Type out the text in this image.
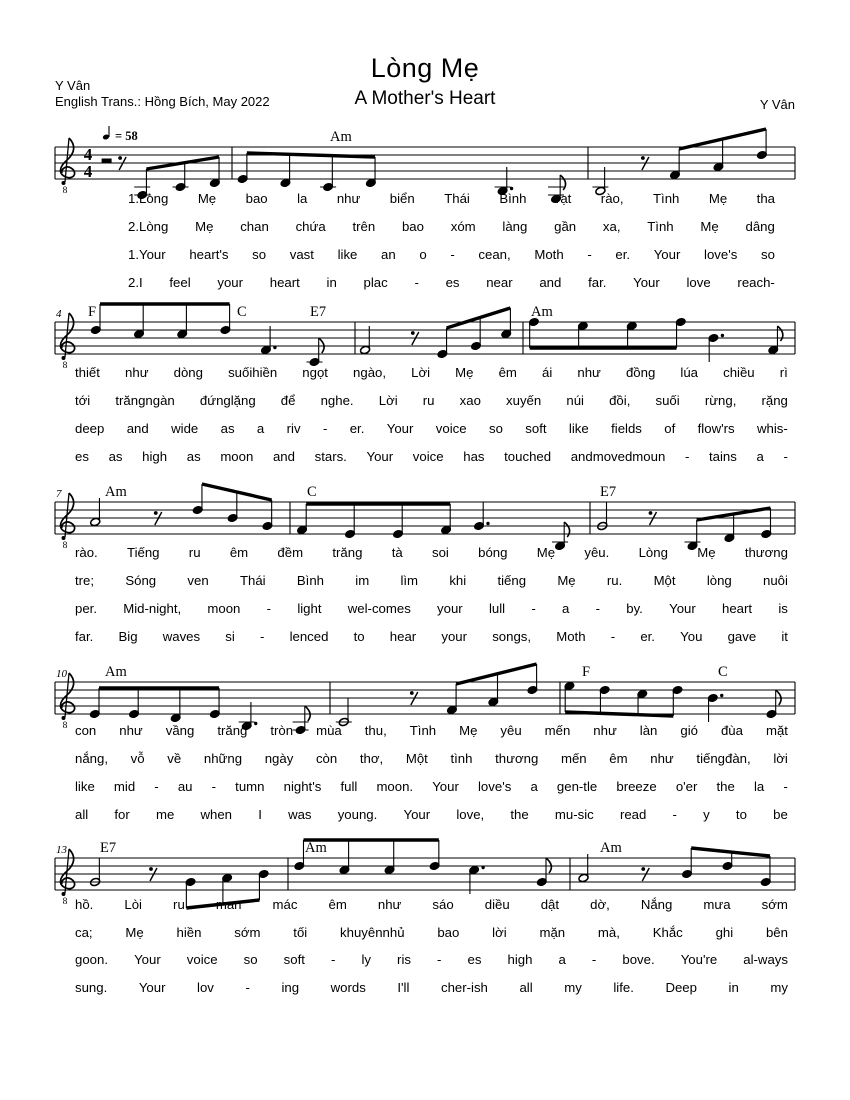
Lòng Mẹ
A Mother's Heart
Y Vân
English Trans.: Hồng Bích, May 2022	Y Vân
8
4
4
8
8
8
8
= 58	Am
1.Lòng Mẹ bao la như biển Thái Bình rạt rào, Tình Mẹ tha
2.Lòng Mẹ chan chứa trên bao xóm làng gần xa, Tình Mẹ dâng
1.Your heart's so vast like an o - cean, Moth - er. Your love's so
2.I feel your heart in plac - es near and far. Your love reach-
F	C	E7	Am
4
thiết như dòng suốihiền ngọt ngào, Lời Mẹ êm ái như đồng lúa chiều rì
tới trăngngàn đứnglặng để nghe. Lời ru xao xuyến núi đồi, suối rừng, rặng
deep and wide as a riv - er. Your voice so soft like fields of flow'rs whis-
es as high as moon and stars. Your voice has touched andmovedmoun - tains a -
Am	C	E7
7
rào. Tiếng ru êm đềm trăng tà soi bóng Mẹ yêu. Lòng Mẹ thương
tre; Sóng ven Thái Bình im lìm khi tiếng Mẹ ru. Một lòng nuôi
per. Mid-night, moon - light wel-comes your lull - a - by. Your heart is
far. Big waves si - lenced to hear your songs, Moth - er. You gave it
Am	F	C
10
con như vầng trăng tròn mùa thu, Tình Mẹ yêu mến như làn gió đùa mặt
nắng, vỗ về những ngày còn thơ, Một tình thương mến êm như tiếngđàn, lời
like mid - au - tumn night's full moon. Your love's a gen-tle breeze o'er the la -
all for me when I was young. Your love, the mu-sic read - y to be
E7	Am	Am
13
hồ. Lòi ru man mác êm như sáo diều dật dờ, Nắng mưa sớm
ca; Mẹ hiền sớm tối khuyênnhủ bao lời mặn mà, Khắc ghi bên
goon. Your voice so soft - ly ris - es high a - bove. You're al-ways
sung. Your lov - ing words I'll cher-ish all my life. Deep in my
